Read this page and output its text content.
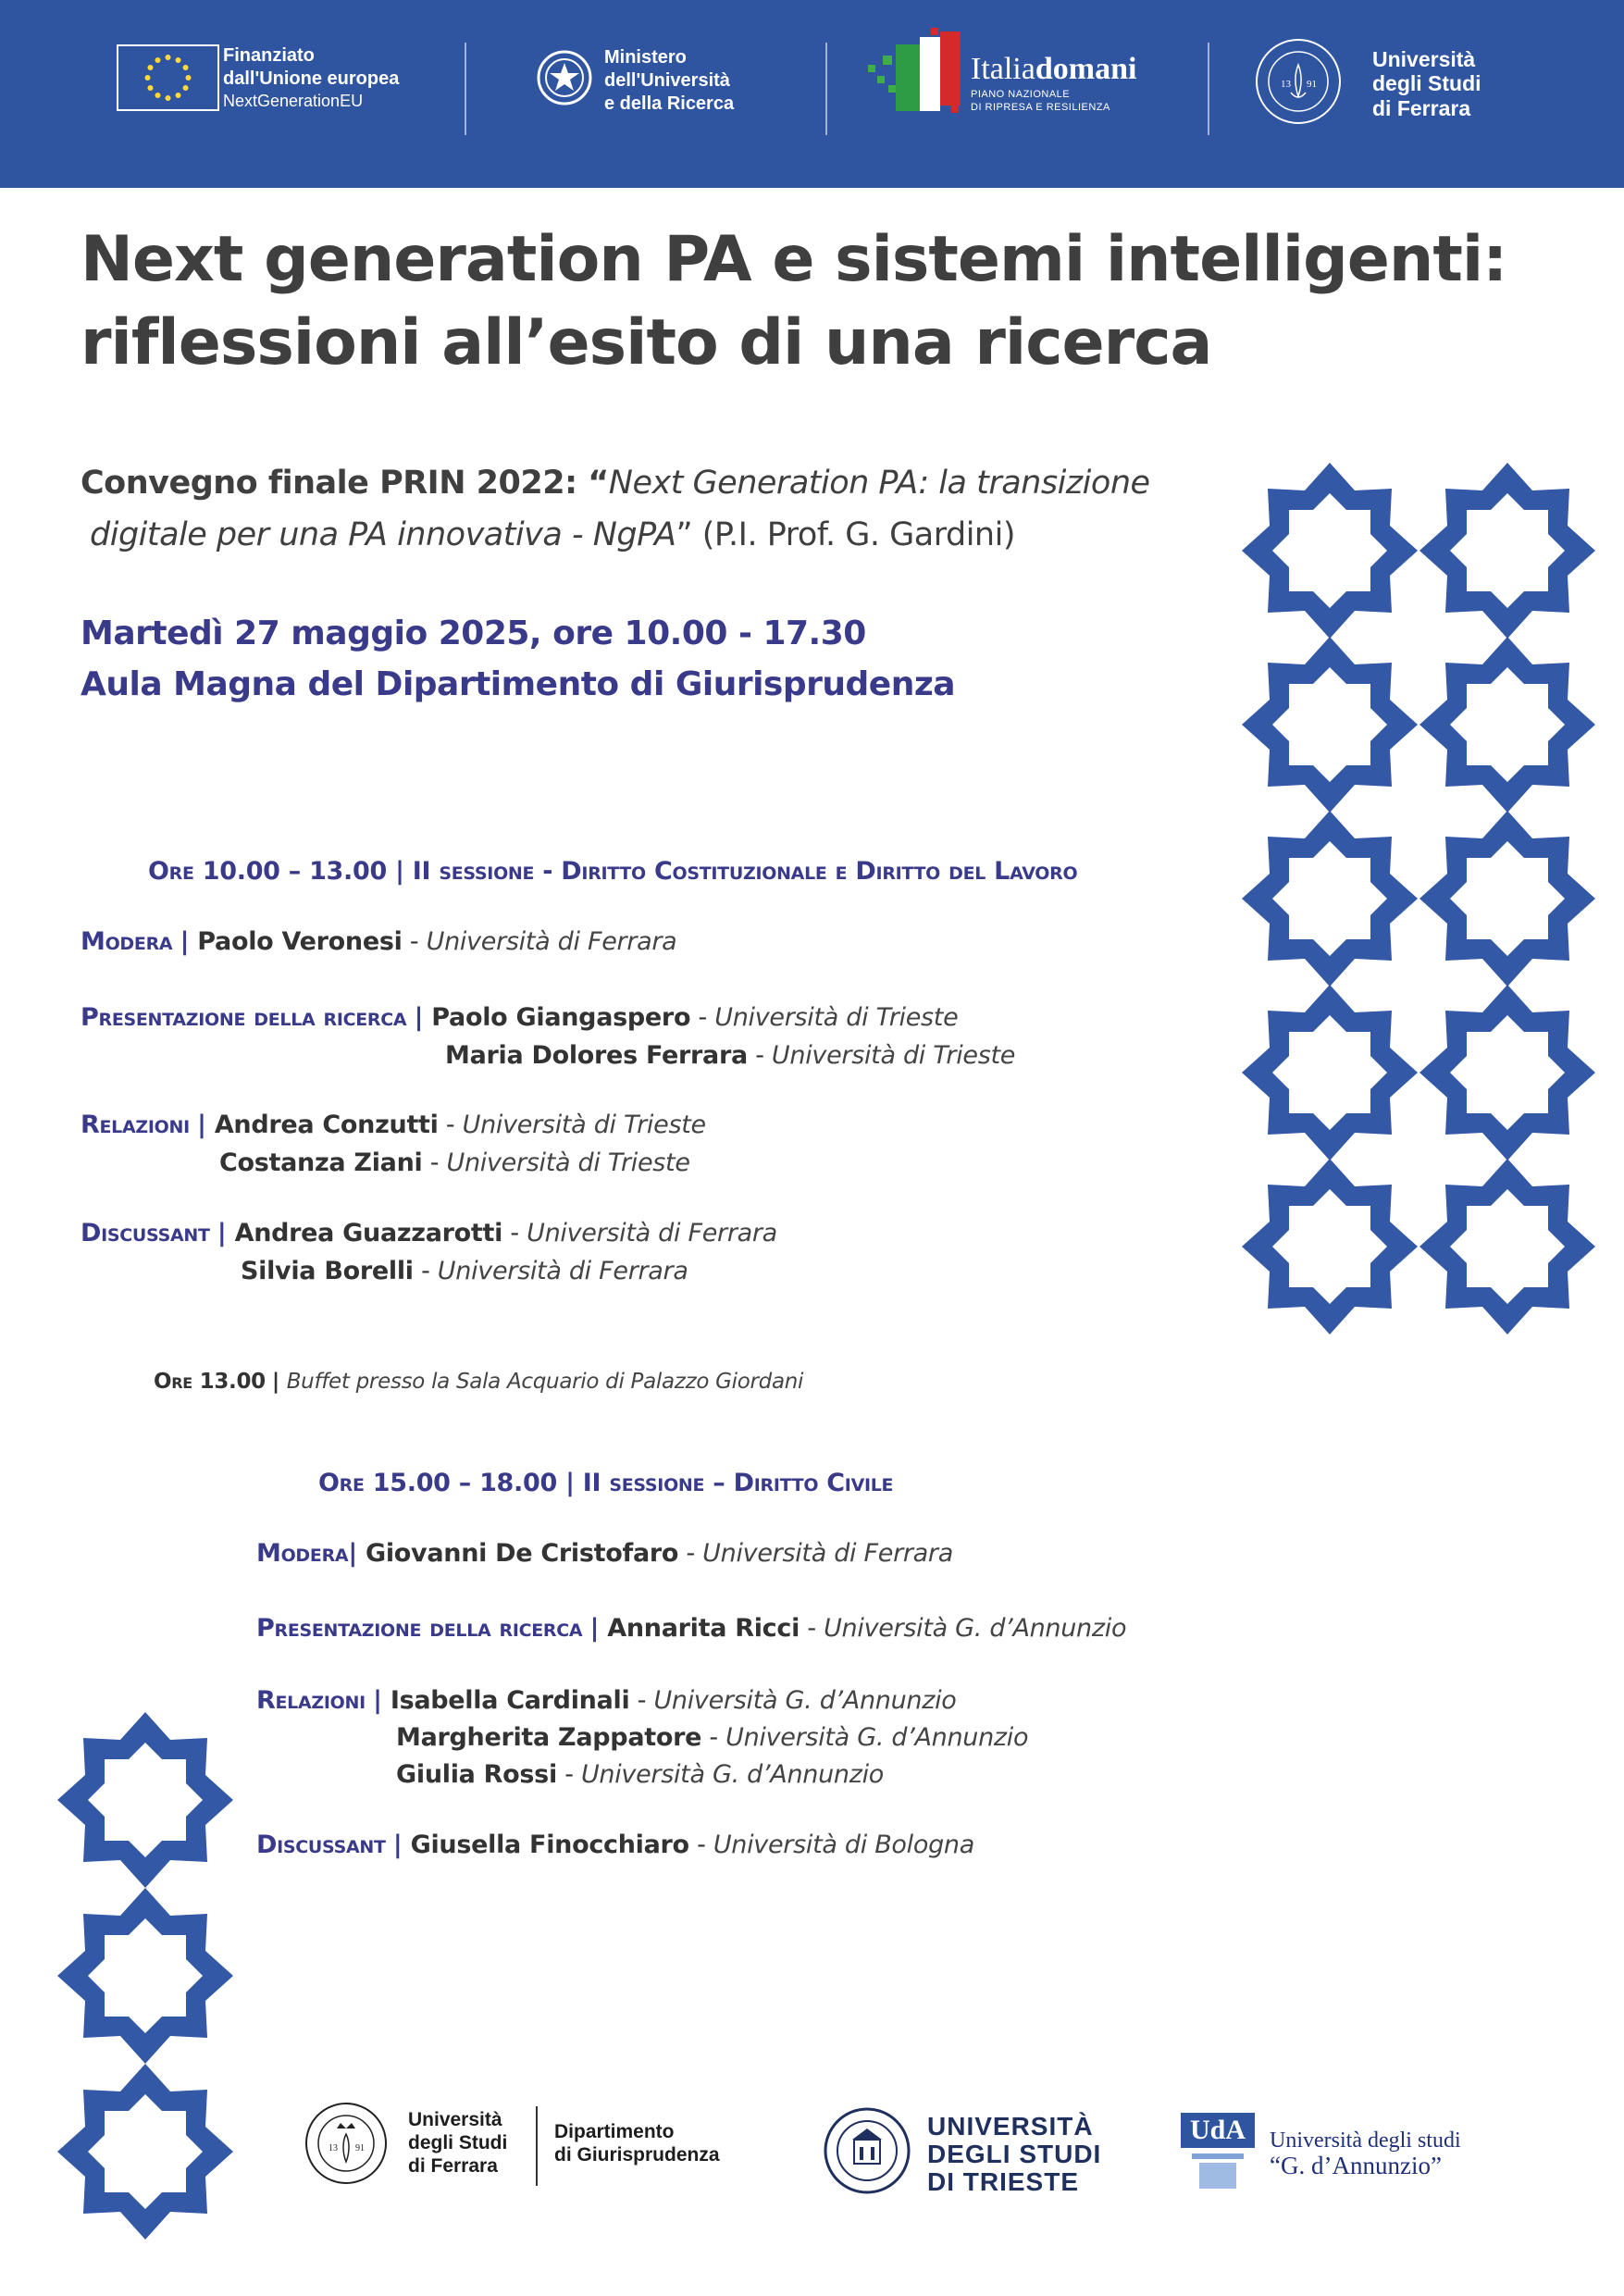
Finanziato
dall'Unione europea
NextGenerationEU
Ministero
dell'Università
e della Ricerca
Italiadomani
PIANO NAZIONALE
DI RIPRESA E RESILIENZA
13 91
Università
degli Studi
di Ferrara
Next generation PA e sistemi intelligenti:
riflessioni all’esito di una ricerca
Convegno finale PRIN 2022: “Next Generation PA: la transizione
digitale per una PA innovativa - NgPA” (P.I. Prof. G. Gardini)
Martedì 27 maggio 2025, ore 10.00 - 17.30
Aula Magna del Dipartimento di Giurisprudenza
Ore 10.00 – 13.00 | II sessione - Diritto Costituzionale e Diritto del Lavoro
Modera | Paolo Veronesi - Università di Ferrara
Presentazione della ricerca | Paolo Giangaspero - Università di Trieste
Maria Dolores Ferrara - Università di Trieste
Relazioni | Andrea Conzutti - Università di Trieste
Costanza Ziani - Università di Trieste
Discussant | Andrea Guazzarotti - Università di Ferrara
Silvia Borelli - Università di Ferrara
Ore 13.00 | Buffet presso la Sala Acquario di Palazzo Giordani
Ore 15.00 – 18.00 | II sessione – Diritto Civile
Modera| Giovanni De Cristofaro - Università di Ferrara
Presentazione della ricerca | Annarita Ricci - Università G. d’Annunzio
Relazioni | Isabella Cardinali - Università G. d’Annunzio
Margherita Zappatore - Università G. d’Annunzio
Giulia Rossi - Università G. d’Annunzio
Discussant | Giusella Finocchiaro - Università di Bologna
13 91
Università
degli Studi
di Ferrara
Dipartimento
di Giurisprudenza
UNIVERSITÀ
DEGLI STUDI
DI TRIESTE
UdA	Università degli studi
“G. d’Annunzio”
